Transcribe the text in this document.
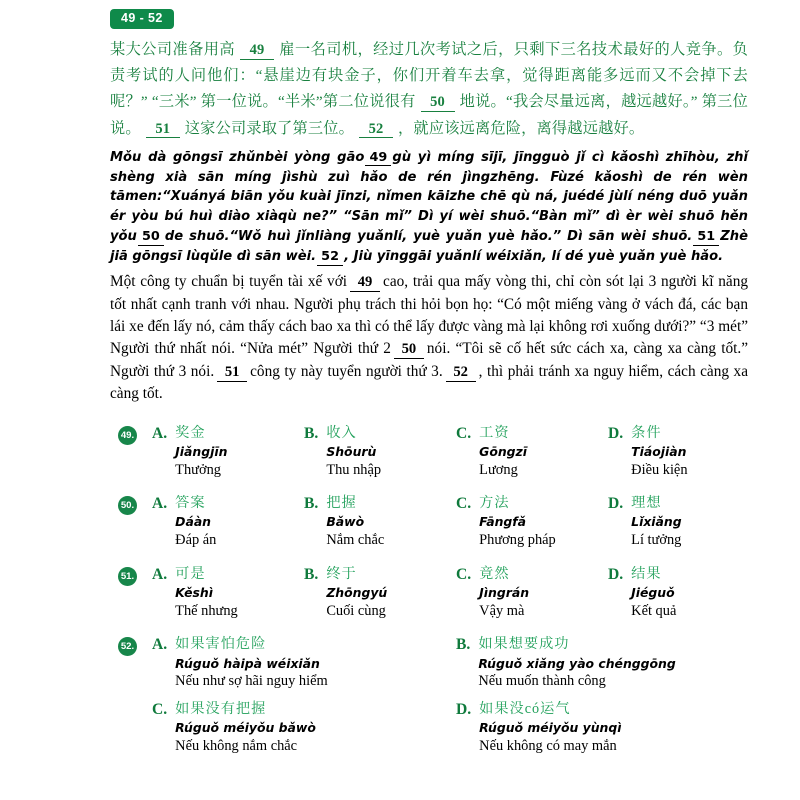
49 - 52
某大公司准备用高 49 雇一名司机，经过几次考试之后，只剩下三名技术最好的人竞争。负责考试的人问他们：“悬崖边有块金子，你们开着车去拿，觉得距离能多远而又不会掉下去呢？” “三米” 第一位说。“半米”第二位说很有 50 地说。“我会尽量远离，越远越好。” 第三位说。 51 这家公司录取了第三位。 52 ，就应该远离危险，离得越远越好。
Mǒu dà gōngsī zhǔnbèi yòng gāo 49 gù yì míng sījī, jīngguò jǐ cì kǎoshì zhīhòu, zhǐ shèng xià sān míng jìshù zuì hǎo de rén jìngzhēng. Fùzé kǎoshì de rén wèn tāmen:“Xuányá biān yǒu kuài jīnzi, nǐmen kāizhe chē qù ná, juédé jùlí néng duō yuǎn ér yòu bú huì diào xiàqù ne?” “Sān mǐ” Dì yí wèi shuō.“Bàn mǐ” dì èr wèi shuō hěn yǒu 50 de shuō.“Wǒ huì jǐnliàng yuǎnlí, yuè yuǎn yuè hǎo.” Dì sān wèi shuō. 51 Zhè jiā gōngsī lùqǔle dì sān wèi. 52 , Jiù yīnggāi yuǎnlí wéixiǎn, lí dé yuè yuǎn yuè hǎo.
Một công ty chuẩn bị tuyển tài xế với 49 cao, trải qua mấy vòng thi, chỉ còn sót lại 3 người kĩ năng tốt nhất cạnh tranh với nhau. Người phụ trách thi hỏi bọn họ: “Có một miếng vàng ở vách đá, các bạn lái xe đến lấy nó, cảm thấy cách bao xa thì có thể lấy được vàng mà lại không rơi xuống dưới?” “3 mét” Người thứ nhất nói. “Nửa mét” Người thứ 2 50 nói. “Tôi sẽ cố hết sức cách xa, càng xa càng tốt.” Người thứ 3 nói. 51 công ty này tuyển người thứ 3. 52 , thì phải tránh xa nguy hiểm, cách càng xa càng tốt.
49. A. 奖金
Jiǎngjīn
Thưởng
B. 收入
Shōurù
Thu nhập
C. 工资
Gōngzī
Lương
D. 条件
Tiáojiàn
Điều kiện
50. A. 答案
Dáàn
Đáp án
B. 把握
Bǎwò
Nắm chắc
C. 方法
Fāngfǎ
Phương pháp
D. 理想
Lǐxiǎng
Lí tưởng
51. A. 可是
Kěshì
Thế nhưng
B. 终于
Zhōngyú
Cuối cùng
C. 竟然
Jìngrán
Vậy mà
D. 结果
Jiéguǒ
Kết quả
52. A. 如果害怕危险
Rúguǒ hàipà wéixiǎn
Nếu như sợ hãi nguy hiểm
B. 如果想要成功
Rúguǒ xiǎng yào chénggōng
Nếu muốn thành công
C. 如果没有把握
Rúguǒ méiyǒu bǎwò
Nếu không nắm chắc
D. 如果没có运气
Rúguǒ méiyǒu yùnqì
Nếu không có may mắn
